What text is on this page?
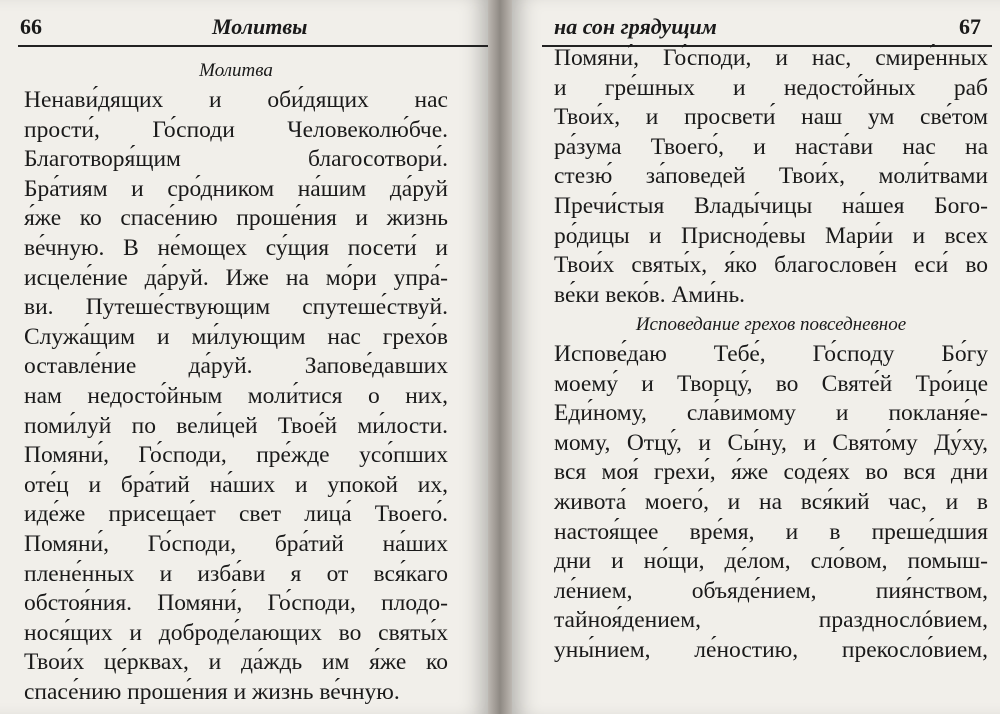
66	Молитвы
Молитва
Ненави́дящих и оби́дящих нас
прости́, Го́споди Человеколю́бче.
Благотворя́щим благосотвори́.
Бра́тиям и сро́дником на́шим да́руй
я́же ко спасе́нию проше́ния и жизнь
ве́чную. В не́мощех су́щия посети́ и
исцеле́ние да́руй. Иже на мо́ри упра́-
ви. Путеше́ствующим спутеше́ствуй.
Служа́щим и ми́лующим нас грехо́в
оставле́ние да́руй. Запове́давших
нам недосто́йным моли́тися о них,
поми́луй по вели́цей Твое́й ми́лости.
Помяни́, Го́споди, пре́жде усо́пших
оте́ц и бра́тий на́ших и упокой их,
иде́же присеща́ет свет лица́ Твоего́.
Помяни́, Го́споди, бра́тий на́ших
плене́нных и изба́ви я от вся́каго
обстоя́ния. Помяни́, Го́споди, плодо-
нося́щих и доброде́лающих во святы́х
Твои́х це́рквах, и да́ждь им я́же ко
спасе́нию проше́ния и жизнь ве́чную.
на сон грядущим	67
Помяни́, Го́споди, и нас, смире́нных
и гре́шных и недосто́йных раб
Твои́х, и просвети́ наш ум све́том
ра́зума Твоего́, и наста́ви нас на
стезю́ за́поведей Твои́х, моли́твами
Пречи́стыя Влады́чицы на́шея Бого-
ро́дицы и Приснод́евы Мари́и и всех
Твои́х святы́х, я́ко благослове́н еси́ во
ве́ки веко́в. Ами́нь.
Исповедание грехов повседневное
Испове́даю Тебе́, Го́споду Бо́гу
моему́ и Творцу́, во Святе́й Тро́ице
Еди́ному, сла́вимому и покланя́е-
мому, Отцу́, и Сы́ну, и Свято́му Ду́ху,
вся моя́ грехи́, я́же соде́ях во вся дни
живота́ моего́, и на вся́кий час, и в
настоя́щее вре́мя, и в преше́дшия
дни и но́щи, де́лом, сло́вом, помыш-
ле́нием, объяде́нием, пия́нством,
тайноя́дением, празднослóвием,
уны́нием, ле́ностию, прекосло́вием,
